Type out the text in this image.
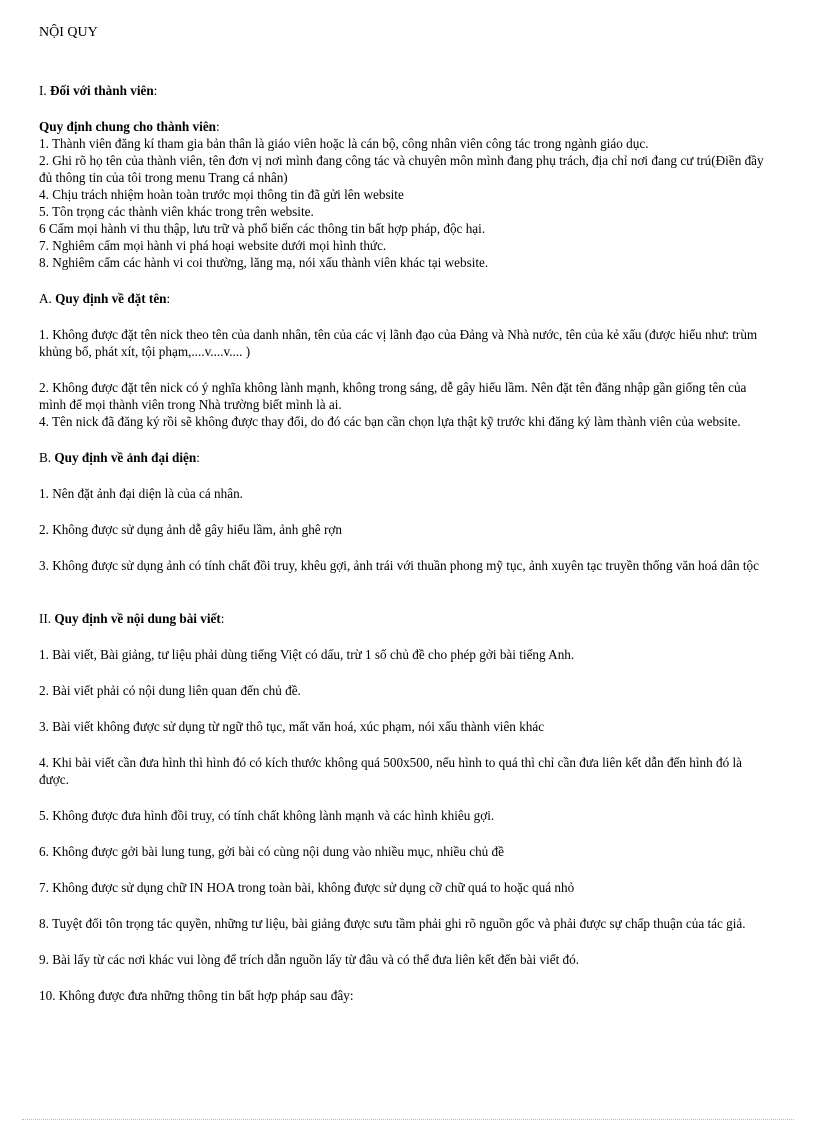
NỘI QUY

I. Đối với thành viên:

Quy định chung cho thành viên:

1. Thành viên đăng kí tham gia bản thân là giáo viên hoặc là cán bộ, công nhân viên công tác trong ngành giáo dục.

2. Ghi rõ họ tên của thành viên, tên đơn vị nơi mình đang công tác và chuyên môn mình đang phụ trách, địa chỉ nơi đang cư trú(Điền đầy đủ thông tin của tôi trong menu Trang cá nhân)

4. Chịu trách nhiệm hoàn toàn trước mọi thông tin đã gửi lên website

5. Tôn trọng các thành viên khác trong trên website.

6 Cấm mọi hành vi thu thập, lưu trữ và phổ biến các thông tin bất hợp pháp, độc hại.

7. Nghiêm cấm mọi hành vi phá hoại website dưới mọi hình thức.

8. Nghiêm cấm các hành vi coi thường, lăng mạ, nói xấu thành viên khác tại website.

A. Quy định về đặt tên:

1. Không được đặt tên nick theo tên của danh nhân, tên của các vị lãnh đạo của Đảng và Nhà nước, tên của kẻ xấu (được hiểu như: trùm khủng bố, phát xít, tội phạm,....v....v.... )

2. Không được đặt tên nick có ý nghĩa không lành mạnh, không trong sáng, dễ gây hiểu lầm. Nên đặt tên đăng nhập gần giống tên của mình để mọi thành viên trong Nhà trường biết mình là ai.

4. Tên nick đã đăng ký rồi sẽ không được thay đổi, do đó các bạn cần chọn lựa thật kỹ trước khi đăng ký làm thành viên của website.

B. Quy định về ảnh đại diện:

1. Nên đặt ảnh đại diện là của cá nhân.

2. Không được sử dụng ảnh dễ gây hiểu lầm, ảnh ghê rợn

3. Không được sử dụng ảnh có tính chất đồi truy, khêu gợi, ảnh trái với thuần phong mỹ tục, ảnh xuyên tạc truyền thống văn hoá dân tộc

II. Quy định về nội dung bài viết:

1. Bài viết, Bài giảng, tư liệu phải dùng tiếng Việt có dấu, trừ 1 số chủ đề cho phép gởi bài tiếng Anh.

2. Bài viết phải có nội dung liên quan đến chủ đề.

3. Bài viết không được sử dụng từ ngữ thô tục, mất văn hoá, xúc phạm, nói xấu thành viên khác

4. Khi bài viết cần đưa hình thì hình đó có kích thước không quá 500x500, nếu hình to quá thì chỉ cần đưa liên kết dẫn đến hình đó là được.

5. Không được đưa hình đồi truy, có tính chất không lành mạnh và các hình khiêu gợi.

6. Không được gởi bài lung tung, gởi bài có cùng nội dung vào nhiều mục, nhiều chủ đề

7. Không được sử dụng chữ IN HOA trong toàn bài, không được sử dụng cỡ chữ quá to hoặc quá nhỏ

8. Tuyệt đối tôn trọng tác quyền, những tư liệu, bài giảng được sưu tầm phải ghi rõ nguồn gốc và phải được sự chấp thuận của tác giả.

9. Bài lấy từ các nơi khác vui lòng để trích dẫn nguồn lấy từ đâu và có thể đưa liên kết đến bài viết đó.

10. Không được đưa những thông tin bất hợp pháp sau đây:
